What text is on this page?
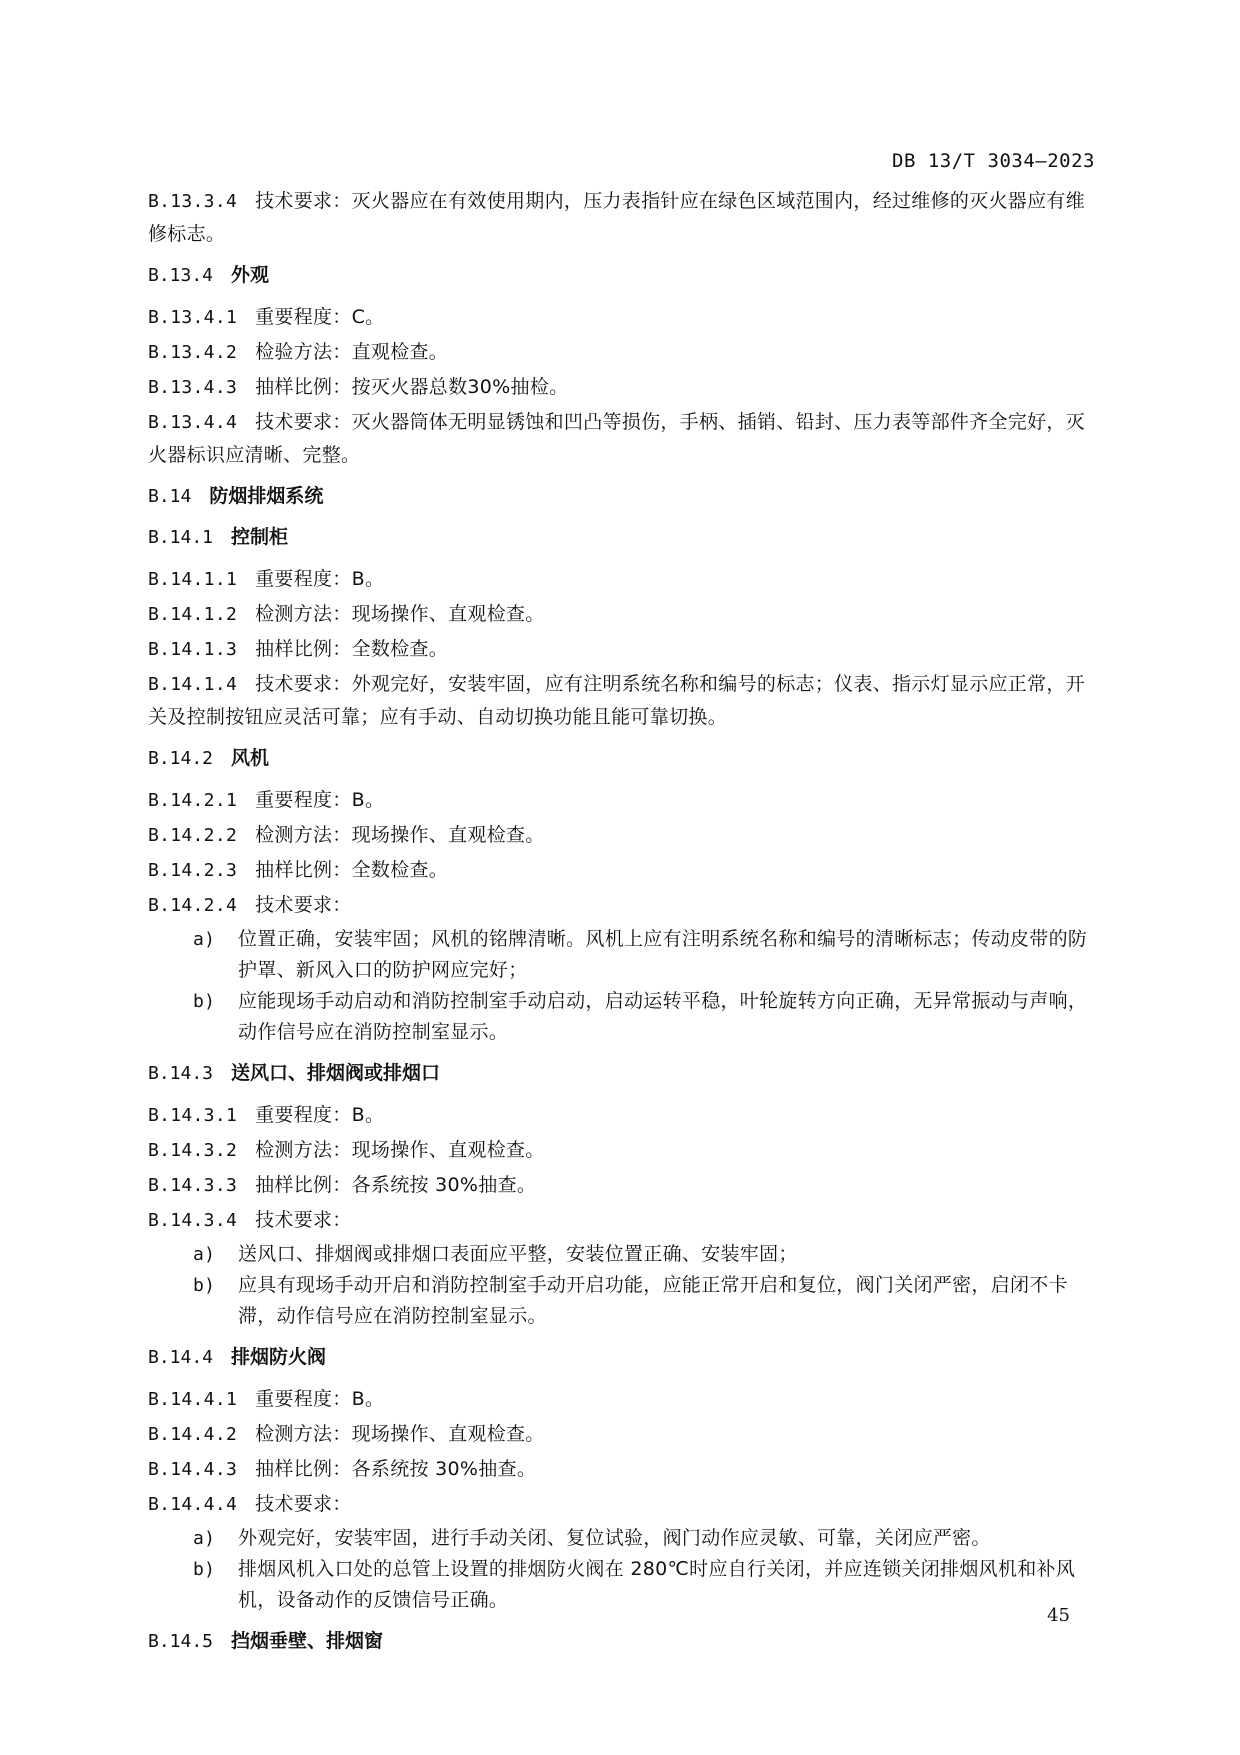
DB 13/T 3034—2023
B.13.3.4 技术要求：灭火器应在有效使用期内，压力表指针应在绿色区域范围内，经过维修的灭火器应有维修标志。
B.13.4 外观
B.13.4.1 重要程度：C。
B.13.4.2 检验方法：直观检查。
B.13.4.3 抽样比例：按灭火器总数30%抽检。
B.13.4.4 技术要求：灭火器筒体无明显锈蚀和凹凸等损伤，手柄、插销、铅封、压力表等部件齐全完好，灭火器标识应清晰、完整。
B.14 防烟排烟系统
B.14.1 控制柜
B.14.1.1 重要程度：B。
B.14.1.2 检测方法：现场操作、直观检查。
B.14.1.3 抽样比例：全数检查。
B.14.1.4 技术要求：外观完好，安装牢固，应有注明系统名称和编号的标志；仪表、指示灯显示应正常，开关及控制按钮应灵活可靠；应有手动、自动切换功能且能可靠切换。
B.14.2 风机
B.14.2.1 重要程度：B。
B.14.2.2 检测方法：现场操作、直观检查。
B.14.2.3 抽样比例：全数检查。
B.14.2.4 技术要求：
a) 位置正确，安装牢固；风机的铭牌清晰。风机上应有注明系统名称和编号的清晰标志；传动皮带的防护罩、新风入口的防护网应完好；
b) 应能现场手动启动和消防控制室手动启动，启动运转平稳，叶轮旋转方向正确，无异常振动与声响，动作信号应在消防控制室显示。
B.14.3 送风口、排烟阀或排烟口
B.14.3.1 重要程度：B。
B.14.3.2 检测方法：现场操作、直观检查。
B.14.3.3 抽样比例：各系统按 30%抽查。
B.14.3.4 技术要求：
a) 送风口、排烟阀或排烟口表面应平整，安装位置正确、安装牢固；
b) 应具有现场手动开启和消防控制室手动开启功能，应能正常开启和复位，阀门关闭严密，启闭不卡滞，动作信号应在消防控制室显示。
B.14.4 排烟防火阀
B.14.4.1 重要程度：B。
B.14.4.2 检测方法：现场操作、直观检查。
B.14.4.3 抽样比例：各系统按 30%抽查。
B.14.4.4 技术要求：
a) 外观完好，安装牢固，进行手动关闭、复位试验，阀门动作应灵敏、可靠，关闭应严密。
b) 排烟风机入口处的总管上设置的排烟防火阀在 280℃时应自行关闭，并应连锁关闭排烟风机和补风机，设备动作的反馈信号正确。
B.14.5 挡烟垂壁、排烟窗
45
